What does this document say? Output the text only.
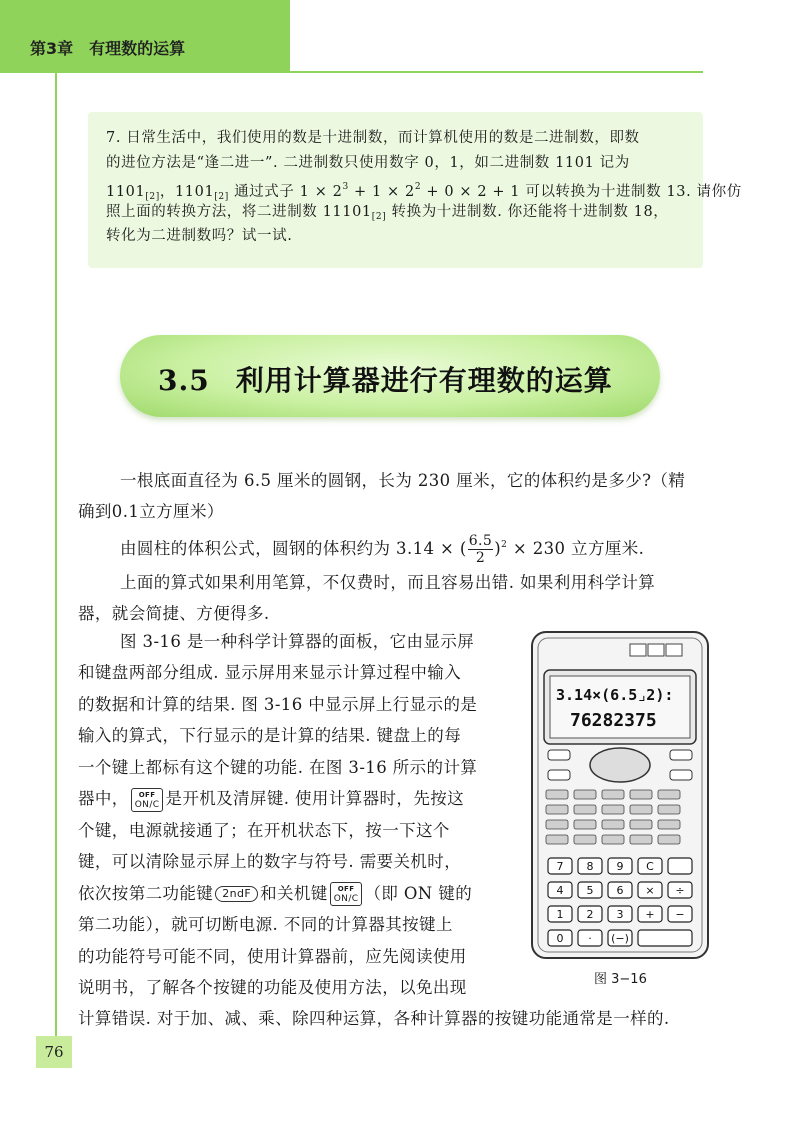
第3章　有理数的运算
76
7. 日常生活中，我们使用的数是十进制数，而计算机使用的数是二进制数，即数
的进位方法是“逢二进一”. 二进制数只使用数字 0，1，如二进制数 1101 记为
$1101_{[2]}$，$1101_{[2]}$ 通过式子 $1 \times 2^3 + 1 \times 2^2 + 0 \times 2 + 1$ 可以转换为十进制数 13. 请你仿
照上面的转换方法，将二进制数 $11101_{[2]}$ 转换为十进制数. 你还能将十进制数 18，
转化为二进制数吗？试一试.
3.5 利用计算器进行有理数的运算
一根底面直径为 6.5 厘米的圆钢，长为 230 厘米，它的体积约是多少?（精
确到0.1立方厘米）
由圆柱的体积公式，圆钢的体积约为 3.14 × ( $\frac{6.5}{2} )^2 \times 230$ 立方厘米.
上面的算式如果利用笔算，不仅费时，而且容易出错. 如果利用科学计算
器，就会简捷、方便得多.
图 3-16 是一种科学计算器的面板，它由显示屏
和键盘两部分组成. 显示屏用来显示计算过程中输入
的数据和计算的结果. 图 3-16 中显示屏上行显示的是
输入的算式，下行显示的是计算的结果. 键盘上的每
一个键上都标有这个键的功能. 在图 3-16 所示的计算
器中，	OFF
ON/C 是开机及清屏键. 使用计算器时，先按这
个键，电源就接通了；在开机状态下，按一下这个
键，可以清除显示屏上的数字与符号. 需要关机时，
依次按第二功能键 2ndF 和关机键	OFF
ON/C （即 ON 键的
第二功能），就可切断电源. 不同的计算器其按键上
的功能符号可能不同，使用计算器前，应先阅读使用
说明书，了解各个按键的功能及使用方法，以免出现
计算错误. 对于加、减、乘、除四种运算，各种计算器的按键功能通常是一样的.
3.14×(6.5⌟2):
76282375
7 8 9 C
4 5 6 × ÷
1 2 3 + −
0 · (−)
图 3−16
